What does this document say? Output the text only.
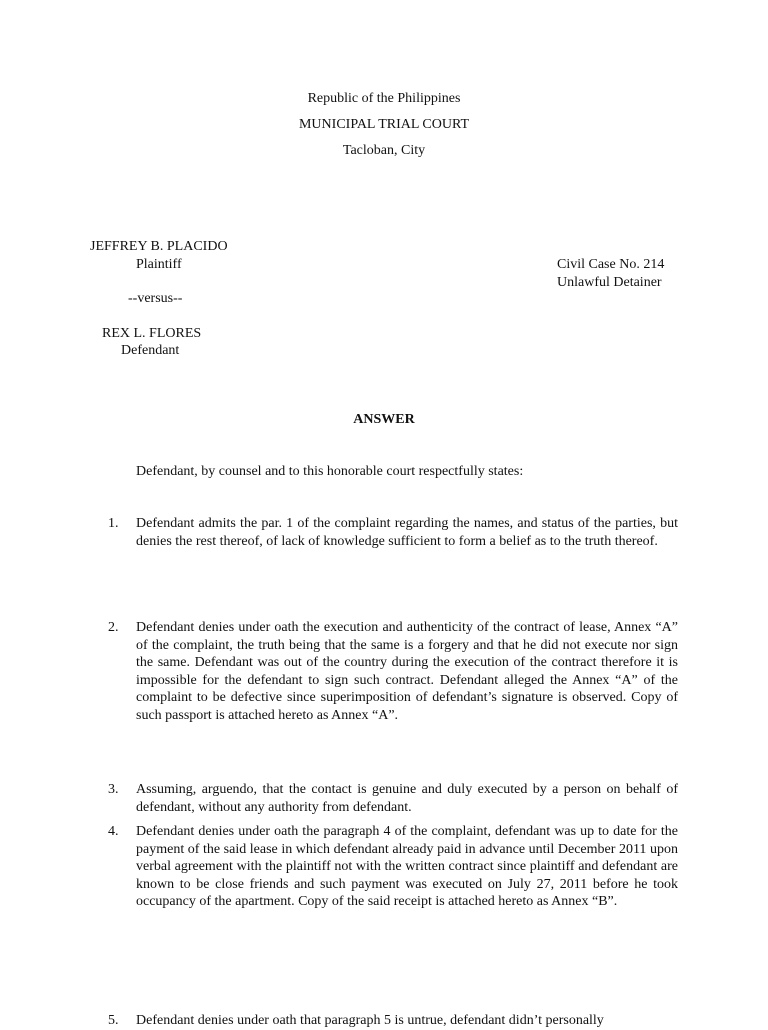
Republic of the Philippines
MUNICIPAL TRIAL COURT
Tacloban, City
JEFFREY B. PLACIDO
Plaintiff
--versus--
REX L. FLORES
Defendant
Civil Case No. 214
Unlawful Detainer
ANSWER
Defendant, by counsel and to this honorable court respectfully states:
1.	Defendant admits the par. 1 of the complaint regarding the names, and status of the parties, but denies the rest thereof, of lack of knowledge sufficient to form a belief as to the truth thereof.
2.	Defendant denies under oath the execution and authenticity of the contract of lease, Annex “A” of the complaint, the truth being that the same is a forgery and that he did not execute nor sign the same. Defendant was out of the country during the execution of the contract therefore it is impossible for the defendant to sign such contract. Defendant alleged the Annex “A” of the complaint to be defective since superimposition of defendant’s signature is observed. Copy of such passport is attached hereto as Annex “A”.
3.	Assuming, arguendo, that the contact is genuine and duly executed by a person on behalf of defendant, without any authority from defendant.
4.	Defendant denies under oath the paragraph 4 of the complaint, defendant was up to date for the payment of the said lease in which defendant already paid in advance until December 2011 upon verbal agreement with the plaintiff not with the written contract since plaintiff and defendant are known to be close friends and such payment was executed on July 27, 2011 before he took occupancy of the apartment. Copy of the said receipt is attached hereto as Annex “B”.
5.	Defendant denies under oath that paragraph 5 is untrue, defendant didn’t personally
